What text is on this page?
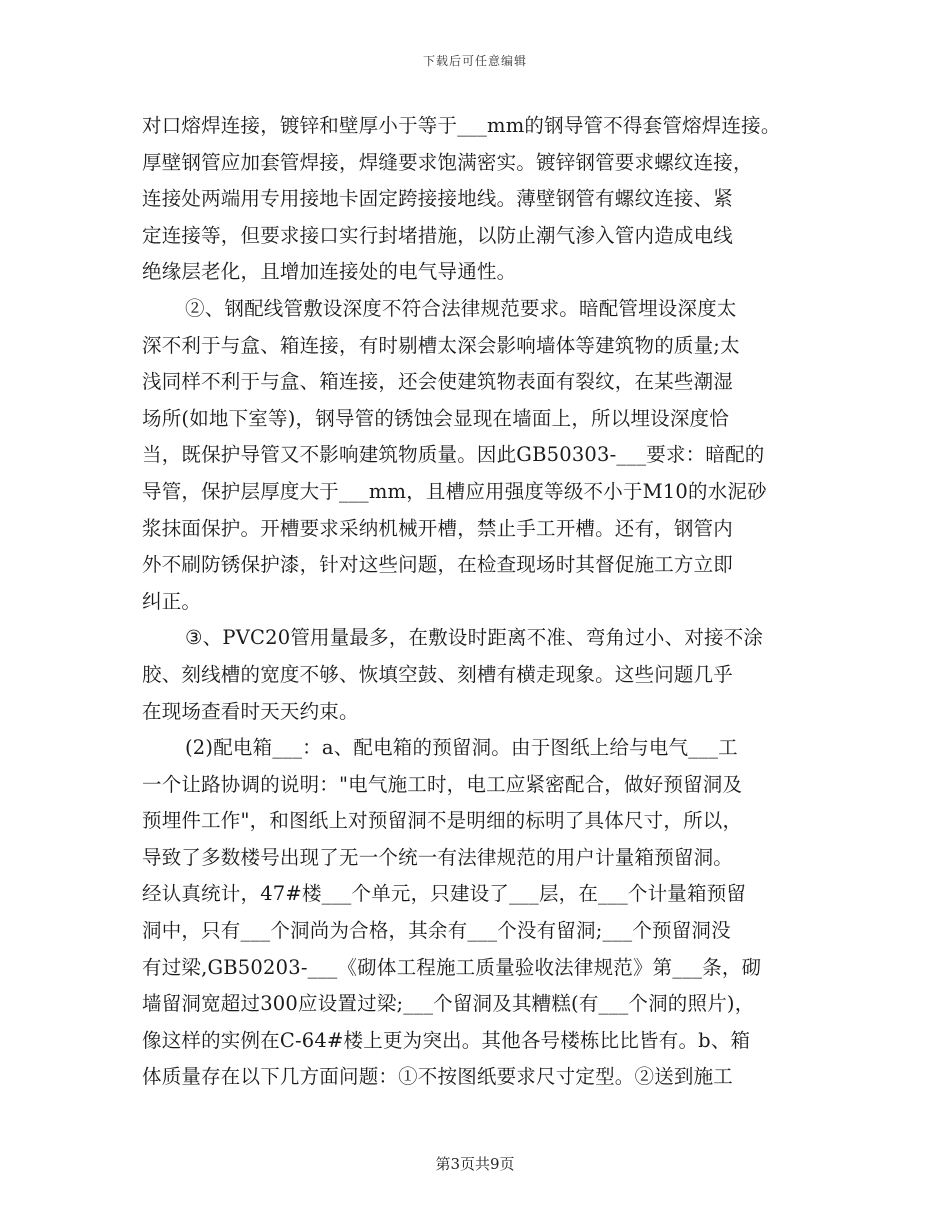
下载后可任意编辑
对口熔焊连接，镀锌和壁厚小于等于___mm的钢导管不得套管熔焊连接。
厚壁钢管应加套管焊接，焊缝要求饱满密实。镀锌钢管要求螺纹连接，
连接处两端用专用接地卡固定跨接接地线。薄壁钢管有螺纹连接、紧
定连接等，但要求接口实行封堵措施，以防止潮气渗入管内造成电线
绝缘层老化，且增加连接处的电气导通性。
②、钢配线管敷设深度不符合法律规范要求。暗配管埋设深度太
深不利于与盒、箱连接，有时剔槽太深会影响墙体等建筑物的质量;太
浅同样不利于与盒、箱连接，还会使建筑物表面有裂纹，在某些潮湿
场所(如地下室等)，钢导管的锈蚀会显现在墙面上，所以埋设深度恰
当，既保护导管又不影响建筑物质量。因此GB50303-___要求：暗配的
导管，保护层厚度大于___mm，且槽应用强度等级不小于M10的水泥砂
浆抹面保护。开槽要求采纳机械开槽，禁止手工开槽。还有，钢管内
外不刷防锈保护漆，针对这些问题，在检查现场时其督促施工方立即
纠正。
③、PVC20管用量最多，在敷设时距离不准、弯角过小、对接不涂
胶、刻线槽的宽度不够、恢填空鼓、刻槽有横走现象。这些问题几乎
在现场查看时天天约束。
(2)配电箱___：a、配电箱的预留洞。由于图纸上给与电气___工
一个让路协调的说明："电气施工时，电工应紧密配合，做好预留洞及
预埋件工作"，和图纸上对预留洞不是明细的标明了具体尺寸，所以，
导致了多数楼号出现了无一个统一有法律规范的用户计量箱预留洞。
经认真统计，47#楼___个单元，只建设了___层，在___个计量箱预留
洞中，只有___个洞尚为合格，其余有___个没有留洞;___个预留洞没
有过梁,GB50203-___《砌体工程施工质量验收法律规范》第___条，砌
墙留洞宽超过300应设置过梁;___个留洞及其糟糕(有___个洞的照片)，
像这样的实例在C-64#楼上更为突出。其他各号楼栋比比皆有。b、箱
体质量存在以下几方面问题：①不按图纸要求尺寸定型。②送到施工
第3页共9页
